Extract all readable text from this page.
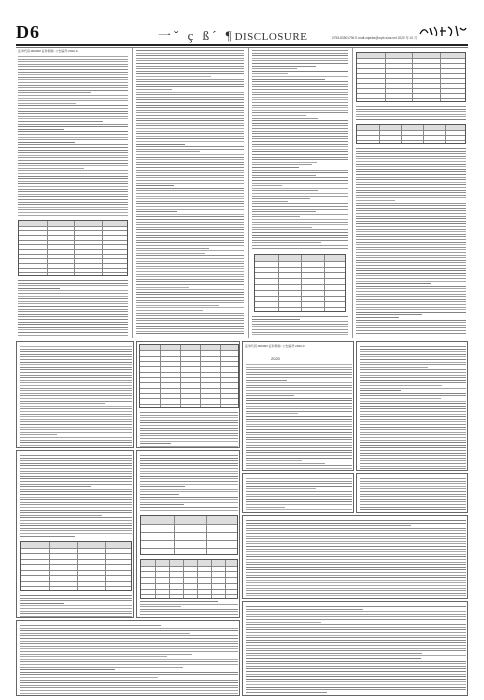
D6	一ˇ ç ß´ ¶DISCLOSURE	0755-83501796 E-mail:zqsbbs@zqrb.sina.net 2020 年 10 月
证券代码:000000 证券简称: 公告编号:2020-0
证券代码:000000 证券简称: 公告编号:2020-0
2020
